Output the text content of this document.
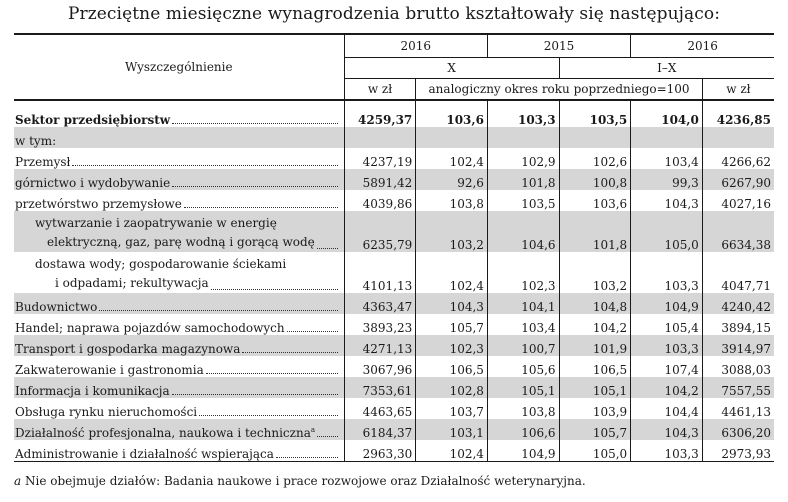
Przeciętne miesięczne wynagrodzenia brutto kształtowały się następująco:
Wyszczególnienie	2016		2015		2016	
	X			I–X		
	w zł	analogiczny okres roku poprzedniego=100				w zł

Sektor przedsiębiorstw	4259,37	103,6	103,3	103,5	104,0	4236,85
w tym:						

Przemysł	4237,19	102,4	102,9	102,6	103,4	4266,62

górnictwo i wydobywanie	5891,42	92,6	101,8	100,8	99,3	6267,90

przetwórstwo przemysłowe	4039,86	103,8	103,5	103,6	104,3	4027,16

wytwarzanie i zaopatrywanie w energię
elektryczną, gaz, parę wodną i gorącą wodę	6235,79	103,2	104,6	101,8	105,0	6634,38

dostawa wody; gospodarowanie ściekami
i odpadami; rekultywacja	4101,13	102,4	102,3	103,2	103,3	4047,71

Budownictwo	4363,47	104,3	104,1	104,8	104,9	4240,42

Handel; naprawa pojazdów samochodowych	3893,23	105,7	103,4	104,2	105,4	3894,15

Transport i gospodarka magazynowa	4271,13	102,3	100,7	101,9	103,3	3914,97

Zakwaterowanie i gastronomia	3067,96	106,5	105,6	106,5	107,4	3088,03

Informacja i komunikacja	7353,61	102,8	105,1	105,1	104,2	7557,55

Obsługa rynku nieruchomości	4463,65	103,7	103,8	103,9	104,4	4461,13

Działalność profesjonalna, naukowa i techniczna$^a$	6184,37	103,1	106,6	105,7	104,3	6306,20

Administrowanie i działalność wspierająca	2963,30	102,4	104,9	105,0	103,3	2973,93
a Nie obejmuje działów: Badania naukowe i prace rozwojowe oraz Działalność weterynaryjna.
